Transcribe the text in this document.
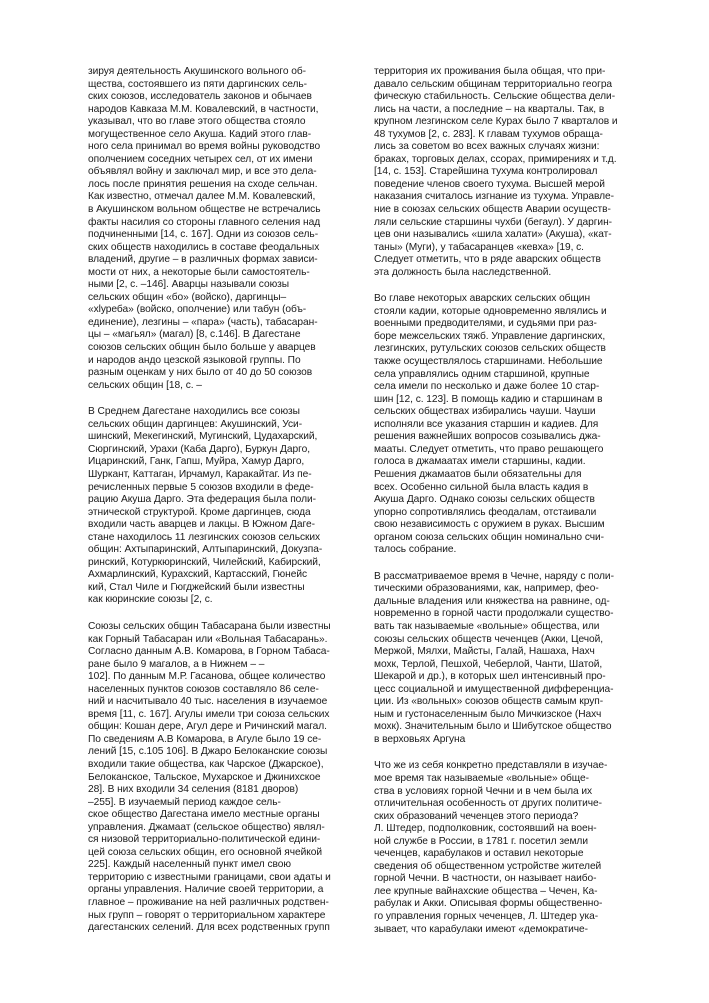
зируя деятельность Акушинского вольного об-
щества, состоявшего из пяти даргинских сель-
ских союзов, исследователь законов и обычаев
народов Кавказа М.М. Ковалевский, в частности,
указывал, что во главе этого общества стояло
могущественное село Акуша. Кадий этого глав-
ного села принимал во время войны руководство
ополчением соседних четырех сел, от их имени
объявлял войну и заключал мир, и все это дела-
лось после принятия решения на сходе сельчан.
Как известно, отмечал далее М.М. Ковалевский,
в Акушинском вольном обществе не встречались
факты насилия со стороны главного селения над
подчиненными [14, с. 167]. Одни из союзов сель-
ских обществ находились в составе феодальных
владений, другие – в различных формах зависи-
мости от них, а некоторые были самостоятель-
ными [2, с. –146]. Аварцы называли союзы
сельских общин «бо» (войско), даргинцы–
«хlуреба» (войско, ополчение) или табун (объ-
единение), лезгины – «пара» (часть), табасаран-
цы – «магьял» (магал) [8, с.146]. В Дагестане
союзов сельских общин было больше у аварцев
и народов андо цезской языковой группы. По
разным оценкам у них было от 40 до 50 союзов
сельских общин [18, с. –
В Среднем Дагестане находились все союзы
сельских общин даргинцев: Акушинский, Уси-
шинский, Мекегинский, Мугинский, Цудахарский,
Сюргинский, Урахи (Каба Дарго), Буркун Дарго,
Ицаринский, Ганк, Гапш, Муйра, Хамур Дарго,
Шуркант, Каттаган, Ирчамул, Каракайтаг. Из пе-
речисленных первые 5 союзов входили в феде-
рацию Акуша Дарго. Эта федерация была поли-
этнической структурой. Кроме даргинцев, сюда
входили часть аварцев и лакцы. В Южном Даге-
стане находилось 11 лезгинских союзов сельских
общин: Ахтыпаринский, Алтыпаринский, Докузпа-
ринский, Котуркюринский, Чилейский, Кабирский,
Ахмарлинский, Курахский, Картасский, Гюнейс
кий, Стал Чиле и Гюгджейский были известны
как кюринские союзы [2, с.
Союзы сельских общин Табасарана были известны
как Горный Табасаран или «Вольная Табасарань».
Согласно данным А.В. Комарова, в Горном Табаса-
ране было 9 магалов, а в Нижнем – –
102]. По данным М.Р. Гасанова, общее количество
населенных пунктов союзов составляло 86 селе-
ний и насчитывало 40 тыс. населения в изучаемое
время [11, с. 167]. Агулы имели три союза сельских
общин: Кошан дере, Агул дере и Ричинский магал.
По сведениям А.В Комарова, в Агуле было 19 се-
лений [15, с.105 106]. В Джаро Белоканские союзы
входили такие общества, как Чарское (Джарское),
Белоканское, Тальское, Мухарское и Джинихское
28]. В них входили 34 селения (8181 дворов)
–255]. В изучаемый период каждое сель-
ское общество Дагестана имело местные органы
управления. Джамаат (сельское общество) являл-
ся низовой территориально-политической едини-
цей союза сельских общин, его основной ячейкой
225]. Каждый населенный пункт имел свою
территорию с известными границами, свои адаты и
органы управления. Наличие своей территории, а
главное – проживание на ней различных родствен-
ных групп – говорят о территориальном характере
дагестанских селений. Для всех родственных групп
территория их проживания была общая, что при-
давало сельским общинам территориально геогра
фическую стабильность. Сельские общества дели-
лись на части, а последние – на кварталы. Так, в
крупном лезгинском селе Курах было 7 кварталов и
48 тухумов [2, с. 283]. К главам тухумов обраща-
лись за советом во всех важных случаях жизни:
браках, торговых делах, ссорах, примирениях и т.д.
[14, с. 153]. Старейшина тухума контролировал
поведение членов своего тухума. Высшей мерой
наказания считалось изгнание из тухума. Управле-
ние в союзах сельских обществ Аварии осуществ-
ляли сельские старшины чухби (бегаул). У даргин-
цев они назывались «шила халати» (Акуша), «кат-
таны» (Муги), у табасаранцев «кевха» [19, с.
Следует отметить, что в ряде аварских обществ
эта должность была наследственной.
Во главе некоторых аварских сельских общин
стояли кадии, которые одновременно являлись и
военными предводителями, и судьями при раз-
боре межсельских тяжб. Управление даргинских,
лезгинских, рутульских союзов сельских обществ
также осуществлялось старшинами. Небольшие
села управлялись одним старшиной, крупные
села имели по несколько и даже более 10 стар-
шин [12, с. 123]. В помощь кадию и старшинам в
сельских обществах избирались чауши. Чауши
исполняли все указания старшин и кадиев. Для
решения важнейших вопросов созывались джа-
мааты. Следует отметить, что право решающего
голоса в джамаатах имели старшины, кадии.
Решения джамаатов были обязательны для
всех. Особенно сильной была власть кадия в
Акуша Дарго. Однако союзы сельских обществ
упорно сопротивлялись феодалам, отстаивали
свою независимость с оружием в руках. Высшим
органом союза сельских общин номинально счи-
талось собрание.
В рассматриваемое время в Чечне, наряду с поли-
тическими образованиями, как, например, фео-
дальные владения или княжества на равнине, од-
новременно в горной части продолжали существо-
вать так называемые «вольные» общества, или
союзы сельских обществ чеченцев (Акки, Цечой,
Мержой, Мялхи, Майсты, Галай, Нашаха, Нахч
мохк, Терлой, Пешхой, Чеберлой, Чанти, Шатой,
Шекарой и др.), в которых шел интенсивный про-
цесс социальной и имущественной дифференциа-
ции. Из «вольных» союзов обществ самым круп-
ным и густонаселенным было Мичкизское (Нахч
мохк). Значительным было и Шибутское общество
в верховьях Аргуна
Что же из себя конкретно представляли в изучае-
мое время так называемые «вольные» обще-
ства в условиях горной Чечни и в чем была их
отличительная особенность от других политиче-
ских образований чеченцев этого периода?
Л. Штедер, подполковник, состоявший на воен-
ной службе в России, в 1781 г. посетил земли
чеченцев, карабулаков и оставил некоторые
сведения об общественном устройстве жителей
горной Чечни. В частности, он называет наибо-
лее крупные вайнахские общества – Чечен, Ка-
рабулак и Акки. Описывая формы общественно-
го управления горных чеченцев, Л. Штедер ука-
зывает, что карабулаки имеют «демократиче-
